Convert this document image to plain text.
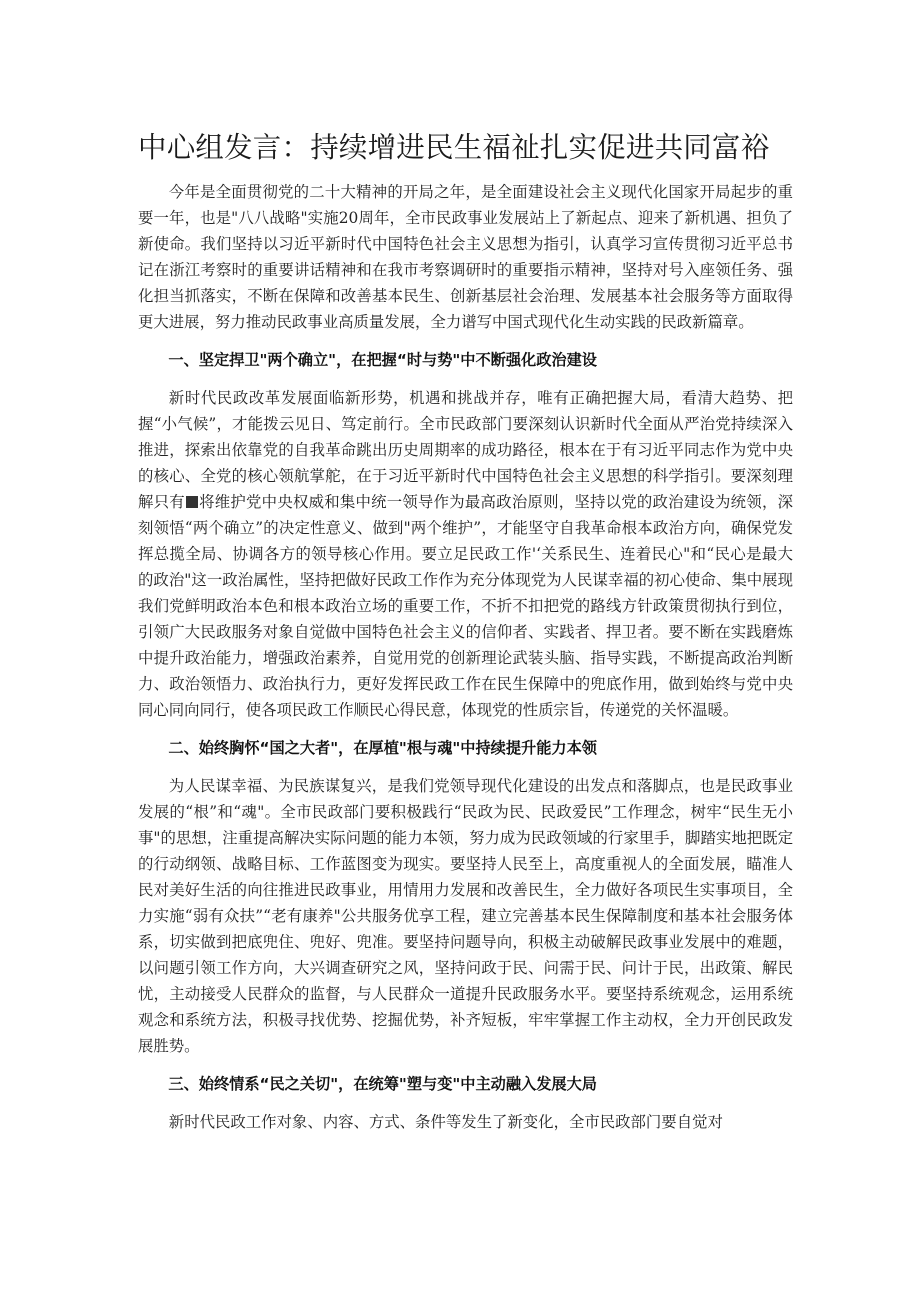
中心组发言：持续增进民生福祉扎实促进共同富裕

今年是全面贯彻党的二十大精神的开局之年，是全面建设社会主义现代化国家开局起步的重要一年，也是"八八战略"实施20周年，全市民政事业发展站上了新起点、迎来了新机遇、担负了新使命。我们坚持以习近平新时代中国特色社会主义思想为指引，认真学习宣传贯彻习近平总书记在浙江考察时的重要讲话精神和在我市考察调研时的重要指示精神，坚持对号入座领任务、强化担当抓落实，不断在保障和改善基本民生、创新基层社会治理、发展基本社会服务等方面取得更大进展，努力推动民政事业高质量发展，全力谱写中国式现代化生动实践的民政新篇章。

一、坚定捍卫"两个确立"，在把握“时与势"中不断强化政治建设

新时代民政改革发展面临新形势，机遇和挑战并存，唯有正确把握大局，看清大趋势、把握“小气候”，才能拨云见日、笃定前行。全市民政部门要深刻认识新时代全面从严治党持续深入推进，探索出依靠党的自我革命跳出历史周期率的成功路径，根本在于有习近平同志作为党中央的核心、全党的核心领航掌舵，在于习近平新时代中国特色社会主义思想的科学指引。要深刻理解只有 将维护党中央权威和集中统一领导作为最高政治原则，坚持以党的政治建设为统领，深刻领悟“两个确立”的决定性意义、做到"两个维护”，才能坚守自我革命根本政治方向，确保党发挥总揽全局、协调各方的领导核心作用。要立足民政工作'‘关系民生、连着民心"和“民心是最大的政治"这一政治属性，坚持把做好民政工作作为充分体现党为人民谋幸福的初心使命、集中展现我们党鲜明政治本色和根本政治立场的重要工作，不折不扣把党的路线方针政策贯彻执行到位，引领广大民政服务对象自觉做中国特色社会主义的信仰者、实践者、捍卫者。要不断在实践磨炼中提升政治能力，增强政治素养，自觉用党的创新理论武装头脑、指导实践，不断提高政治判断力、政治领悟力、政治执行力，更好发挥民政工作在民生保障中的兜底作用，做到始终与党中央同心同向同行，使各项民政工作顺民心得民意，体现党的性质宗旨，传递党的关怀温暖。

二、始终胸怀“国之大者"，在厚植"根与魂"中持续提升能力本领

为人民谋幸福、为民族谋复兴，是我们党领导现代化建设的出发点和落脚点，也是民政事业发展的“根”和“魂"。全市民政部门要积极践行“民政为民、民政爱民”工作理念，树牢“民生无小事"的思想，注重提高解决实际问题的能力本领，努力成为民政领域的行家里手，脚踏实地把既定的行动纲领、战略目标、工作蓝图变为现实。要坚持人民至上，高度重视人的全面发展，瞄准人民对美好生活的向往推进民政事业，用情用力发展和改善民生，全力做好各项民生实事项目，全力实施“弱有众扶”“老有康养"公共服务优享工程，建立完善基本民生保障制度和基本社会服务体系，切实做到把底兜住、兜好、兜准。要坚持问题导向，积极主动破解民政事业发展中的难题，以问题引领工作方向，大兴调查研究之风，坚持问政于民、问需于民、问计于民，出政策、解民忧，主动接受人民群众的监督，与人民群众一道提升民政服务水平。要坚持系统观念，运用系统观念和系统方法，积极寻找优势、挖掘优势，补齐短板，牢牢掌握工作主动权，全力开创民政发展胜势。

三、始终情系“民之关切"，在统筹"塑与变"中主动融入发展大局

新时代民政工作对象、内容、方式、条件等发生了新变化，全市民政部门要自觉对
